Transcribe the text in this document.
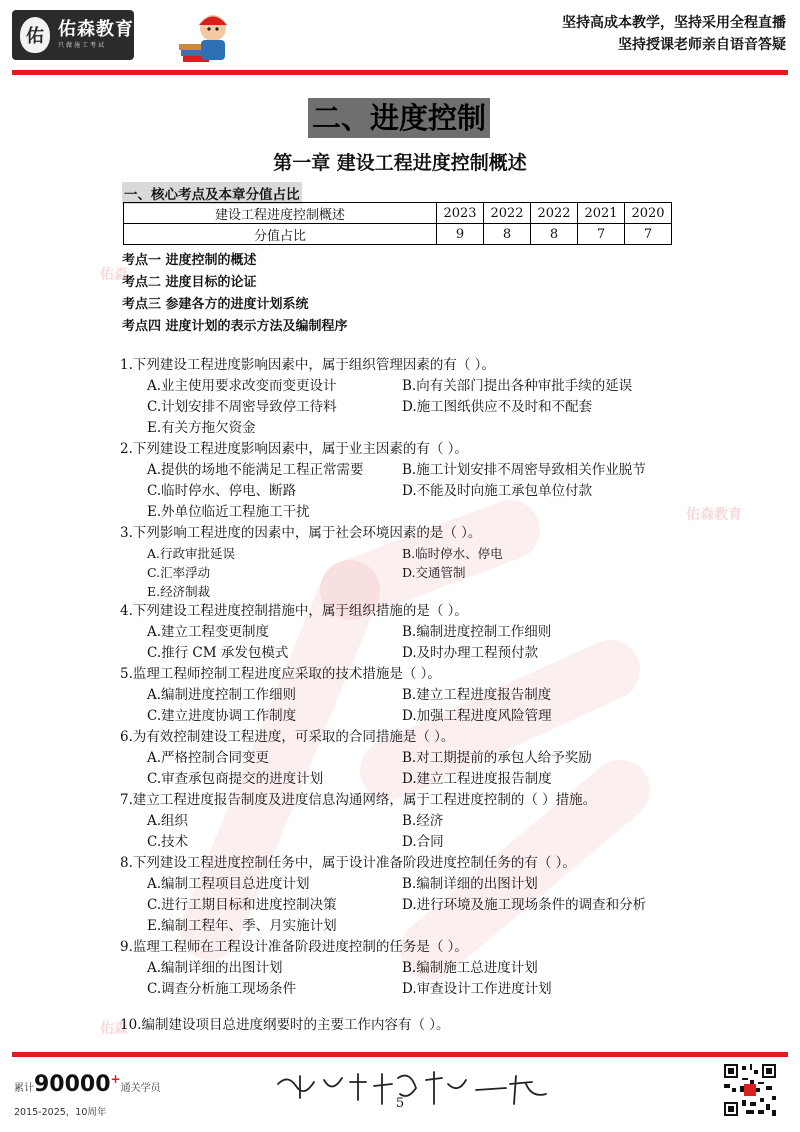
佑 佑森教育
只做施工考试
坚持高成本教学，坚持采用全程直播
坚持授课老师亲自语音答疑
佑森
佑森教育
佑森
二、进度控制
第一章 建设工程进度控制概述
一、核心考点及本章分值占比
建设工程进度控制概述	2023	2022	2022	2021	2020
分值占比	9	8	8	7	7
考点一 进度控制的概述
考点二 进度目标的论证
考点三 参建各方的进度计划系统
考点四 进度计划的表示方法及编制程序
1.下列建设工程进度影响因素中，属于组织管理因素的有（ ）。
A.业主使用要求改变而变更设计	B.向有关部门提出各种审批手续的延误
C.计划安排不周密导致停工待料	D.施工图纸供应不及时和不配套
E.有关方拖欠资金
2.下列建设工程进度影响因素中，属于业主因素的有（ ）。
A.提供的场地不能满足工程正常需要	B.施工计划安排不周密导致相关作业脱节
C.临时停水、停电、断路	D.不能及时向施工承包单位付款
E.外单位临近工程施工干扰
3.下列影响工程进度的因素中，属于社会环境因素的是（ ）。
A.行政审批延误	B.临时停水、停电
C.汇率浮动	D.交通管制
E.经济制裁
4.下列建设工程进度控制措施中，属于组织措施的是（ ）。
A.建立工程变更制度	B.编制进度控制工作细则
C.推行 CM 承发包模式	D.及时办理工程预付款
5.监理工程师控制工程进度应采取的技术措施是（ ）。
A.编制进度控制工作细则	B.建立工程进度报告制度
C.建立进度协调工作制度	D.加强工程进度风险管理
6.为有效控制建设工程进度，可采取的合同措施是（ ）。
A.严格控制合同变更	B.对工期提前的承包人给予奖励
C.审查承包商提交的进度计划	D.建立工程进度报告制度
7.建立工程进度报告制度及进度信息沟通网络，属于工程进度控制的（ ）措施。
A.组织	B.经济
C.技术	D.合同
8.下列建设工程进度控制任务中，属于设计准备阶段进度控制任务的有（ ）。
A.编制工程项目总进度计划	B.编制详细的出图计划
C.进行工期目标和进度控制决策	D.进行环境及施工现场条件的调查和分析
E.编制工程年、季、月实施计划
9.监理工程师在工程设计准备阶段进度控制的任务是（ ）。
A.编制详细的出图计划	B.编制施工总进度计划
C.调查分析施工现场条件	D.审查设计工作进度计划
10.编制建设项目总进度纲要时的主要工作内容有（ ）。
累计90000+通关学员
2015-2025，10周年
5
